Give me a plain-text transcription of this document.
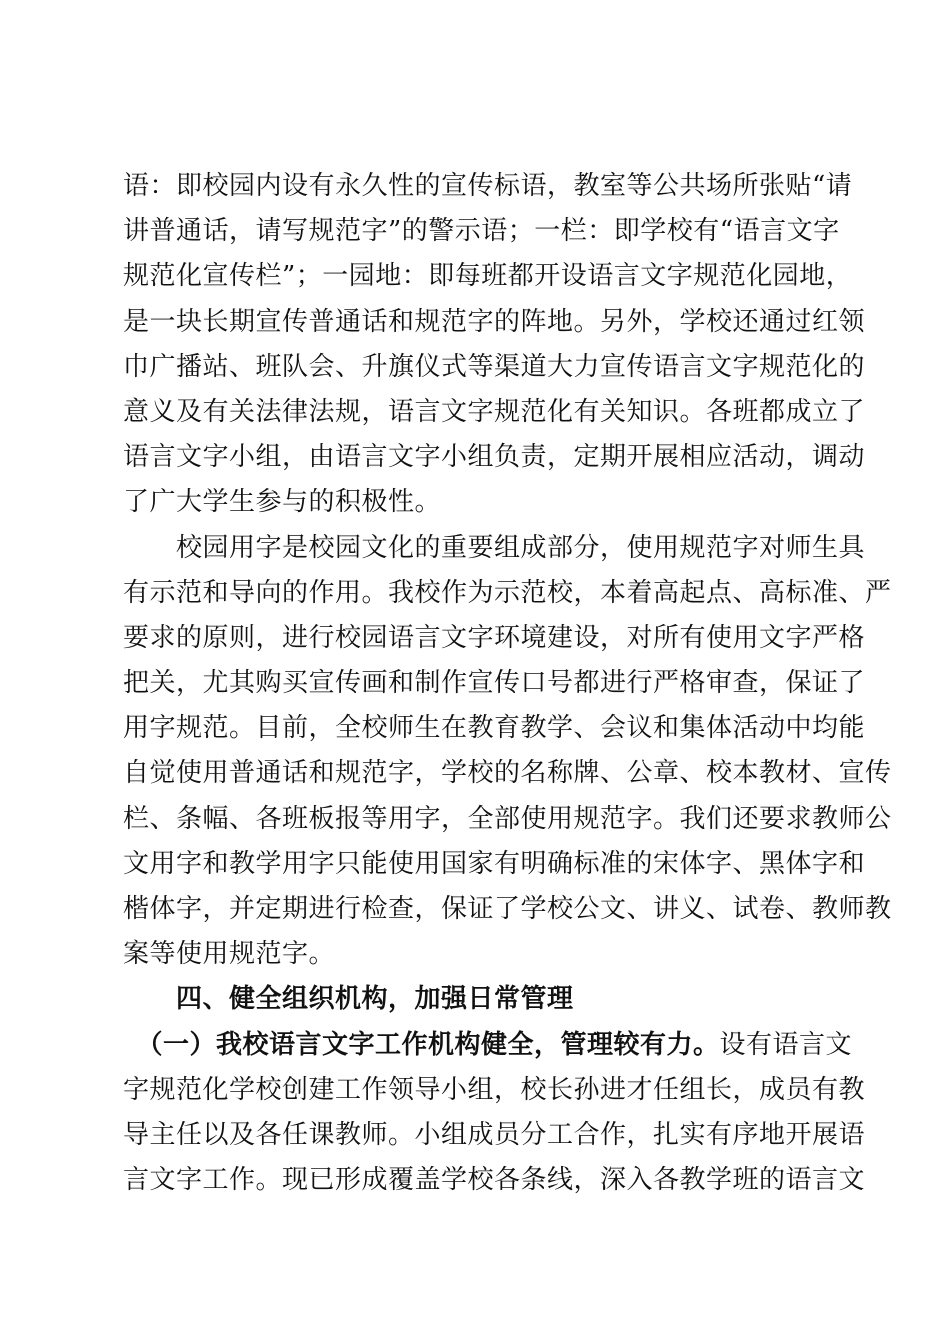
语：即校园内设有永久性的宣传标语，教室等公共场所张贴“请
讲普通话，请写规范字”的警示语；一栏：即学校有“语言文字
规范化宣传栏”；一园地：即每班都开设语言文字规范化园地，
是一块长期宣传普通话和规范字的阵地。另外，学校还通过红领
巾广播站、班队会、升旗仪式等渠道大力宣传语言文字规范化的
意义及有关法律法规，语言文字规范化有关知识。各班都成立了
语言文字小组，由语言文字小组负责，定期开展相应活动，调动
了广大学生参与的积极性。
　　校园用字是校园文化的重要组成部分，使用规范字对师生具
有示范和导向的作用。我校作为示范校，本着高起点、高标准、严
要求的原则，进行校园语言文字环境建设，对所有使用文字严格
把关，尤其购买宣传画和制作宣传口号都进行严格审查，保证了
用字规范。目前，全校师生在教育教学、会议和集体活动中均能
自觉使用普通话和规范字，学校的名称牌、公章、校本教材、宣传
栏、条幅、各班板报等用字，全部使用规范字。我们还要求教师公
文用字和教学用字只能使用国家有明确标准的宋体字、黑体字和
楷体字，并定期进行检查，保证了学校公文、讲义、试卷、教师教
案等使用规范字。
　　四、健全组织机构，加强日常管理
　（一）我校语言文字工作机构健全，管理较有力。设有语言文
字规范化学校创建工作领导小组，校长孙进才任组长，成员有教
导主任以及各任课教师。小组成员分工合作，扎实有序地开展语
言文字工作。现已形成覆盖学校各条线，深入各教学班的语言文
